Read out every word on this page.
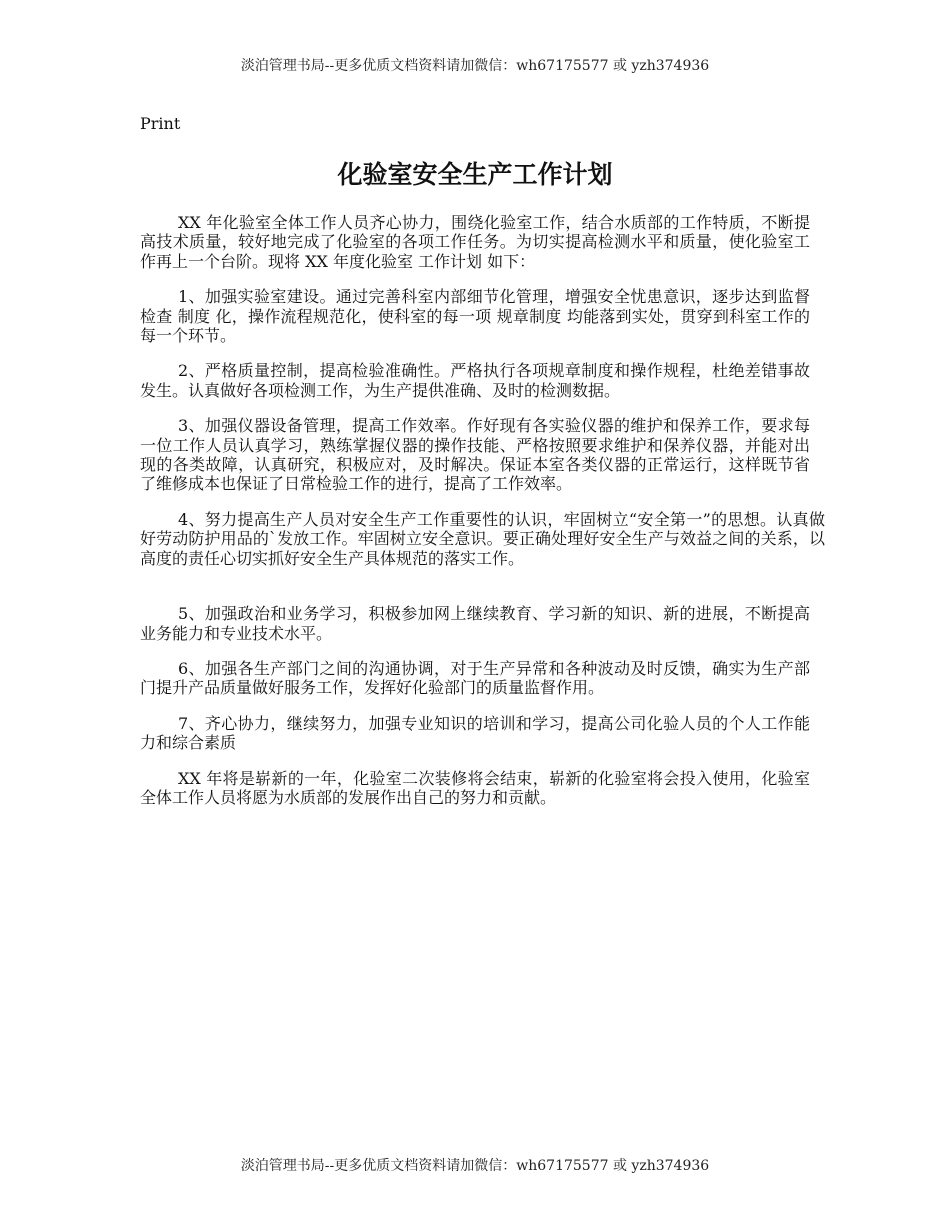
淡泊管理书局--更多优质文档资料请加微信：wh67175577 或 yzh374936
Print
化验室安全生产工作计划

XX 年化验室全体工作人员齐心协力，围绕化验室工作，结合水质部的工作特质，不断提高技术质量，较好地完成了化验室的各项工作任务。为切实提高检测水平和质量，使化验室工作再上一个台阶。现将 XX 年度化验室 工作计划 如下：

1、加强实验室建设。通过完善科室内部细节化管理，增强安全忧患意识，逐步达到监督检查 制度 化，操作流程规范化，使科室的每一项 规章制度 均能落到实处，贯穿到科室工作的每一个环节。

2、严格质量控制，提高检验准确性。严格执行各项规章制度和操作规程，杜绝差错事故发生。认真做好各项检测工作，为生产提供准确、及时的检测数据。

3、加强仪器设备管理，提高工作效率。作好现有各实验仪器的维护和保养工作，要求每一位工作人员认真学习，熟练掌握仪器的操作技能、严格按照要求维护和保养仪器，并能对出现的各类故障，认真研究，积极应对，及时解决。保证本室各类仪器的正常运行，这样既节省了维修成本也保证了日常检验工作的进行，提高了工作效率。

4、努力提高生产人员对安全生产工作重要性的认识，牢固树立“安全第一”的思想。认真做好劳动防护用品的`发放工作。牢固树立安全意识。要正确处理好安全生产与效益之间的关系，以高度的责任心切实抓好安全生产具体规范的落实工作。

5、加强政治和业务学习，积极参加网上继续教育、学习新的知识、新的进展，不断提高业务能力和专业技术水平。

6、加强各生产部门之间的沟通协调，对于生产异常和各种波动及时反馈，确实为生产部门提升产品质量做好服务工作，发挥好化验部门的质量监督作用。

7、齐心协力，继续努力，加强专业知识的培训和学习，提高公司化验人员的个人工作能力和综合素质

XX 年将是崭新的一年，化验室二次装修将会结束，崭新的化验室将会投入使用，化验室全体工作人员将愿为水质部的发展作出自己的努力和贡献。

淡泊管理书局--更多优质文档资料请加微信：wh67175577 或 yzh374936
